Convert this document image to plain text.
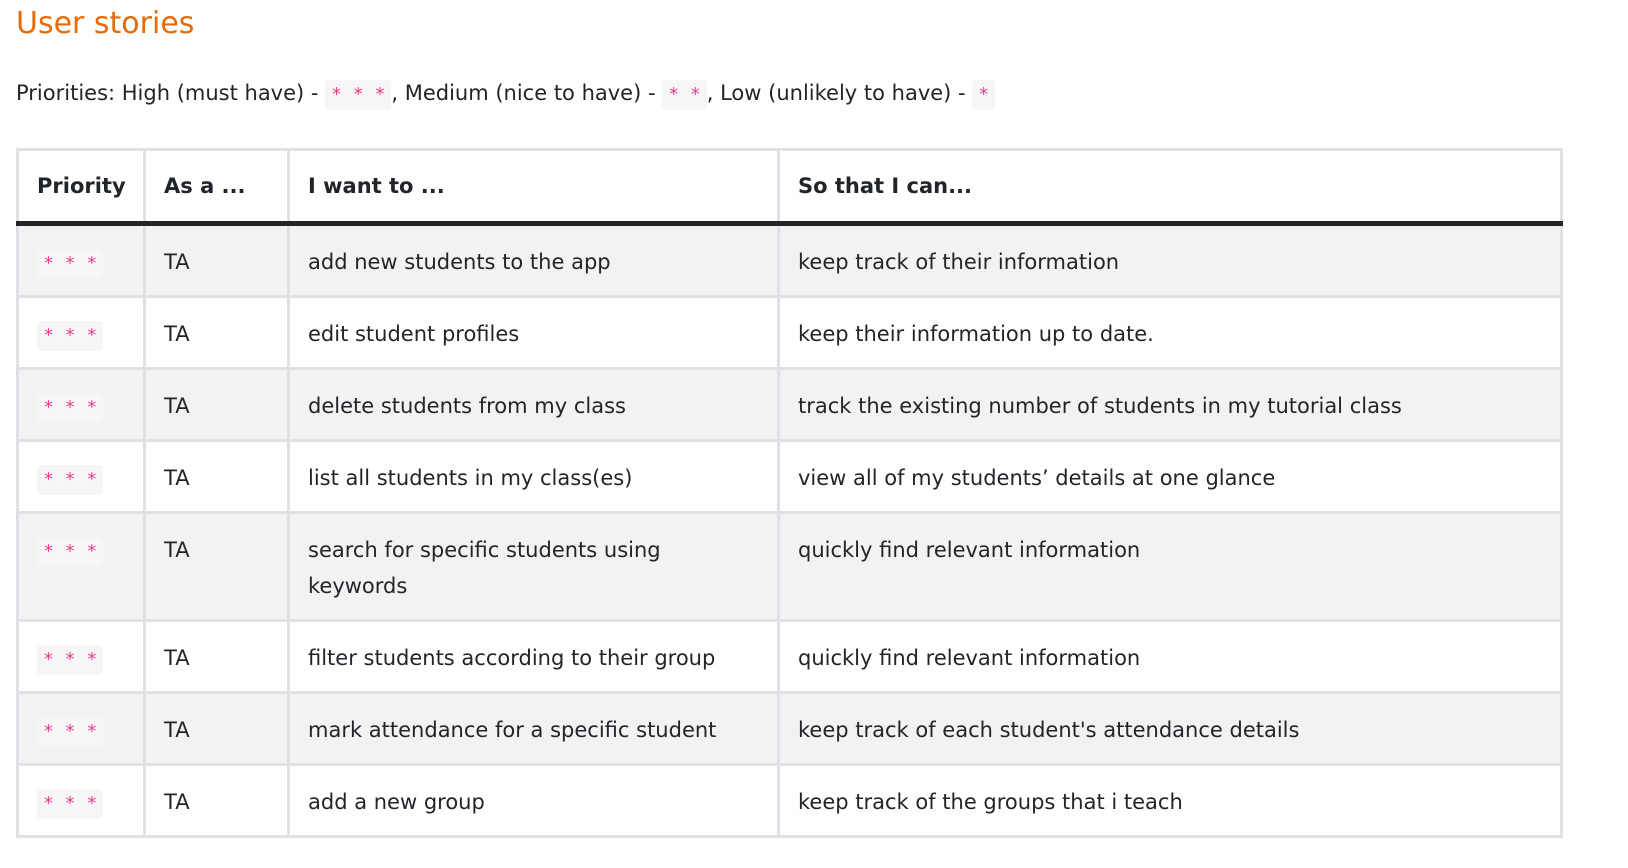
User stories
Priorities: High (must have) - * * * , Medium (nice to have) - * * , Low (unlikely to have) - *
Priority	As a ...	I want to ...	So that I can...
* * *	TA	add new students to the app	keep track of their information
* * *	TA	edit student profiles	keep their information up to date.
* * *	TA	delete students from my class	track the existing number of students in my tutorial class
* * *	TA	list all students in my class(es)	view all of my students’ details at one glance
* * *	TA	search for specific students using keywords	quickly find relevant information
* * *	TA	filter students according to their group	quickly find relevant information
* * *	TA	mark attendance for a specific student	keep track of each student's attendance details
* * *	TA	add a new group	keep track of the groups that i teach
